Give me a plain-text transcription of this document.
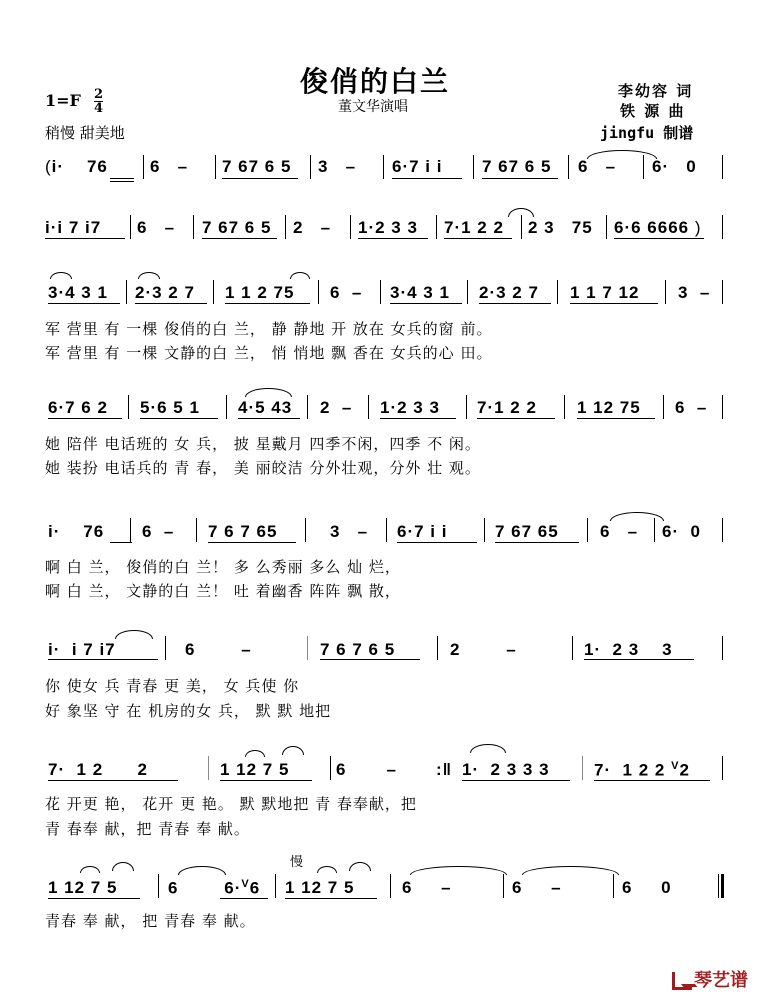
俊俏的白兰
董文华演唱
$1=F \frac{2}{4}$
稍慢 甜美地
李幼容 词
铁 源 曲
jingfu 制谱
(i·    76 6   – 7 67 6 5 3   – 6·7 i i 7 67 6 5 6   – 6·   0
i·i 7 i7 6   – 7 67 6 5 2   – 1·2 3 3 7·1 2 2 2 3   75 6·6 6666 )
3·4 3 1 2·3 2 7 1 1 2 75 6  – 3·4 3 1 2·3 2 7 1 1 7 12 3  –
军 营里 有 一棵 俊俏的白 兰， 静 静地 开 放在 女兵的窗 前。
军 营里 有 一棵 文静的白 兰， 悄 悄地 飘 香在 女兵的心 田。
6·7 6 2 5·6 5 1 4·5 43 2  – 1·2 3 3 7·1 2 2 1 12 75 6  –
她 陪伴 电话班的 女 兵， 披 星戴月 四季不闲，四季 不 闲。
她 装扮 电话兵的 青 春， 美 丽皎洁 分外壮观，分外 壮 观。
i·    76 6  – 7 6 7 65	3   – 6·7 i i	7 67 65 6   – 6·  0
啊 白 兰， 俊俏的白 兰！ 多 么秀丽 多么 灿 烂，
啊 白 兰， 文静的白 兰！ 吐 着幽香 阵阵 飘 散，
i·  i 7 i7	6        –	7 6 7 6 5	2        –	1·  2 3    3
你 使女 兵 青春 更 美， 女 兵使 你
好 象坚 守 在 机房的女 兵， 默 默 地把
7·  1 2      2	1 12 7 5	6       – :‖ 1·  2 3 3 3	7·  1 2 2 $^V$2
花 开更 艳， 花开 更 艳。 默 默地把 青 春奉献，把
青 春奉 献，把 青春 奉 献。
慢
1 12 7 5	6        6·$^V$6 1 12 7 5	6     –	6     –	6     0
青春 奉 献， 把 青春 奉 献。
琴艺谱
